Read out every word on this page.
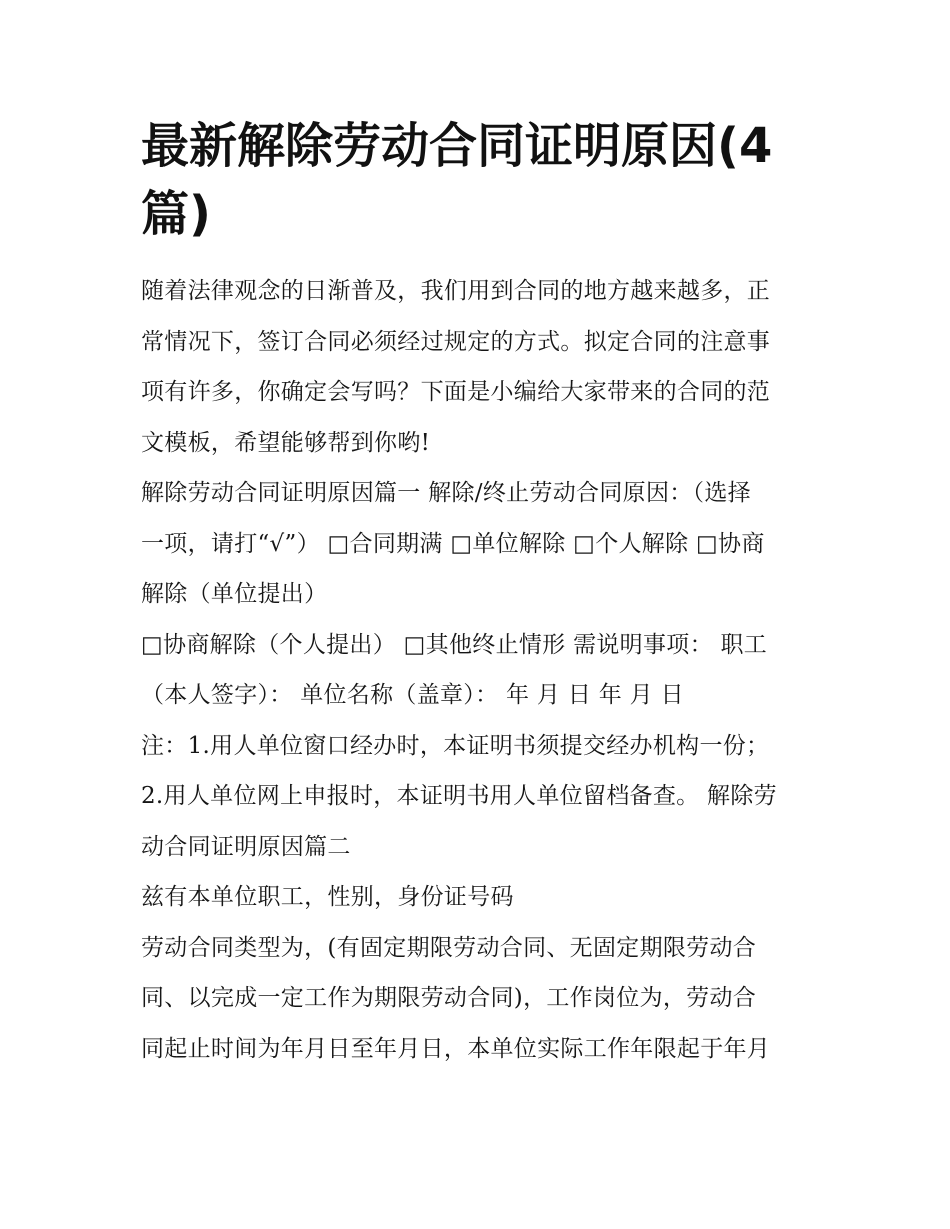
最新解除劳动合同证明原因(4
篇)
随着法律观念的日渐普及，我们用到合同的地方越来越多，正
常情况下，签订合同必须经过规定的方式。拟定合同的注意事
项有许多，你确定会写吗？下面是小编给大家带来的合同的范
文模板，希望能够帮到你哟!
解除劳动合同证明原因篇一 解除/终止劳动合同原因：（选择
一项，请打“√”） □合同期满 □单位解除 □个人解除 □协商
解除（单位提出）
□协商解除（个人提出） □其他终止情形 需说明事项： 职工
（本人签字）： 单位名称（盖章）： 年 月 日 年 月 日
注：1.用人单位窗口经办时，本证明书须提交经办机构一份；
2.用人单位网上申报时，本证明书用人单位留档备查。 解除劳
动合同证明原因篇二
兹有本单位职工，性别，身份证号码
劳动合同类型为，(有固定期限劳动合同、无固定期限劳动合
同、以完成一定工作为期限劳动合同)，工作岗位为，劳动合
同起止时间为年月日至年月日，本单位实际工作年限起于年月
